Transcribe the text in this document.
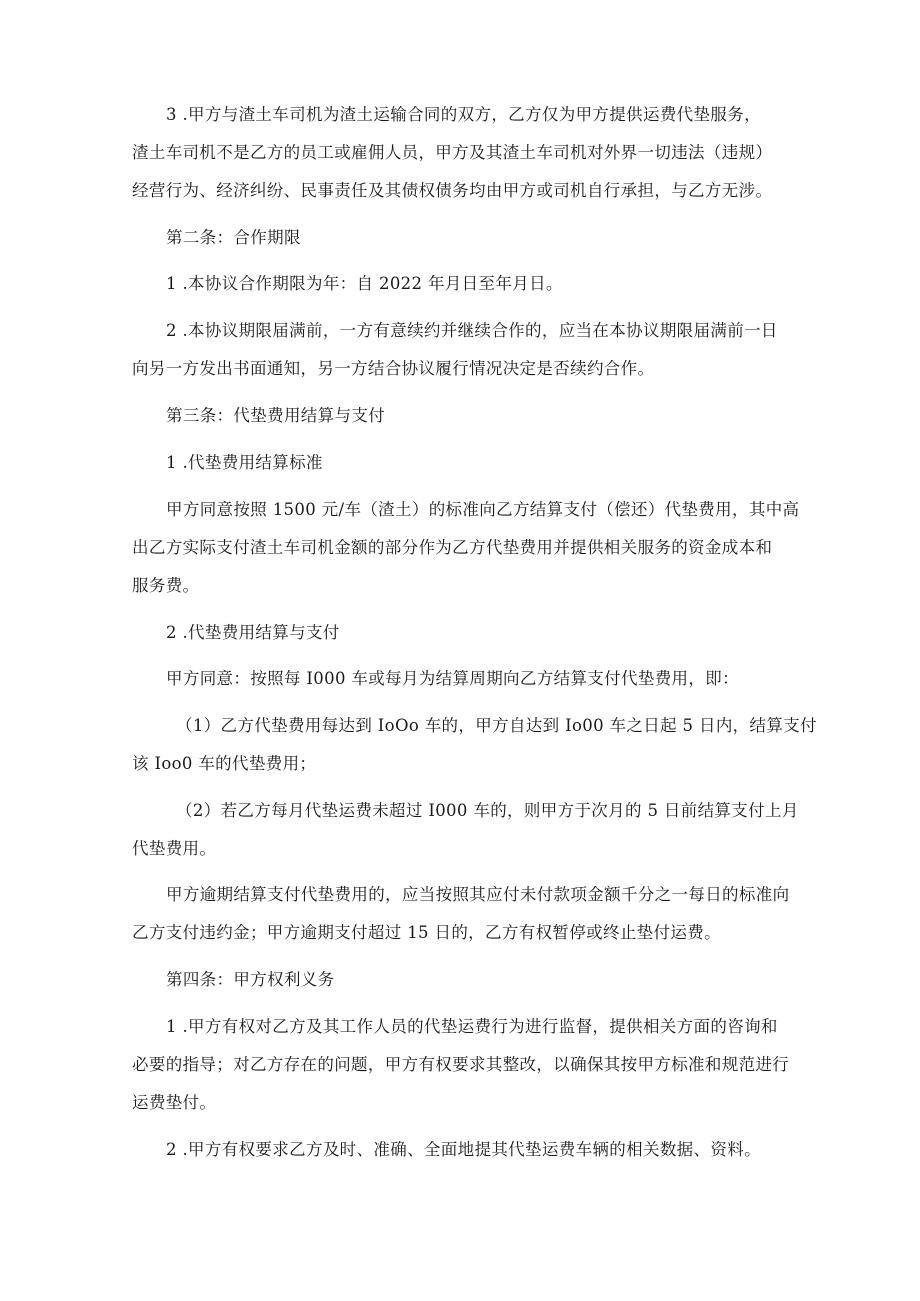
3 .甲方与渣土车司机为渣土运输合同的双方，乙方仅为甲方提供运费代垫服务，

渣土车司机不是乙方的员工或雇佣人员，甲方及其渣土车司机对外界一切违法（违规）

经营行为、经济纠纷、民事责任及其债权债务均由甲方或司机自行承担，与乙方无涉。

第二条：合作期限

1 .本协议合作期限为年：自 2022 年月日至年月日。

2 .本协议期限届满前，一方有意续约并继续合作的，应当在本协议期限届满前一日

向另一方发出书面通知，另一方结合协议履行情况决定是否续约合作。

第三条：代垫费用结算与支付

1 .代垫费用结算标准

甲方同意按照 1500 元/车（渣土）的标准向乙方结算支付（偿还）代垫费用，其中高

出乙方实际支付渣土车司机金额的部分作为乙方代垫费用并提供相关服务的资金成本和

服务费。

2 .代垫费用结算与支付

甲方同意：按照每 I000 车或每月为结算周期向乙方结算支付代垫费用，即：

（1）乙方代垫费用每达到 IoOo 车的，甲方自达到 Io00 车之日起 5 日内，结算支付

该 Ioo0 车的代垫费用；

（2）若乙方每月代垫运费未超过 I000 车的，则甲方于次月的 5 日前结算支付上月

代垫费用。

甲方逾期结算支付代垫费用的，应当按照其应付未付款项金额千分之一每日的标准向

乙方支付违约金；甲方逾期支付超过 15 日的，乙方有权暂停或终止垫付运费。

第四条：甲方权利义务

1 .甲方有权对乙方及其工作人员的代垫运费行为进行监督，提供相关方面的咨询和

必要的指导；对乙方存在的问题，甲方有权要求其整改，以确保其按甲方标准和规范进行

运费垫付。

2 .甲方有权要求乙方及时、准确、全面地提其代垫运费车辆的相关数据、资料。
